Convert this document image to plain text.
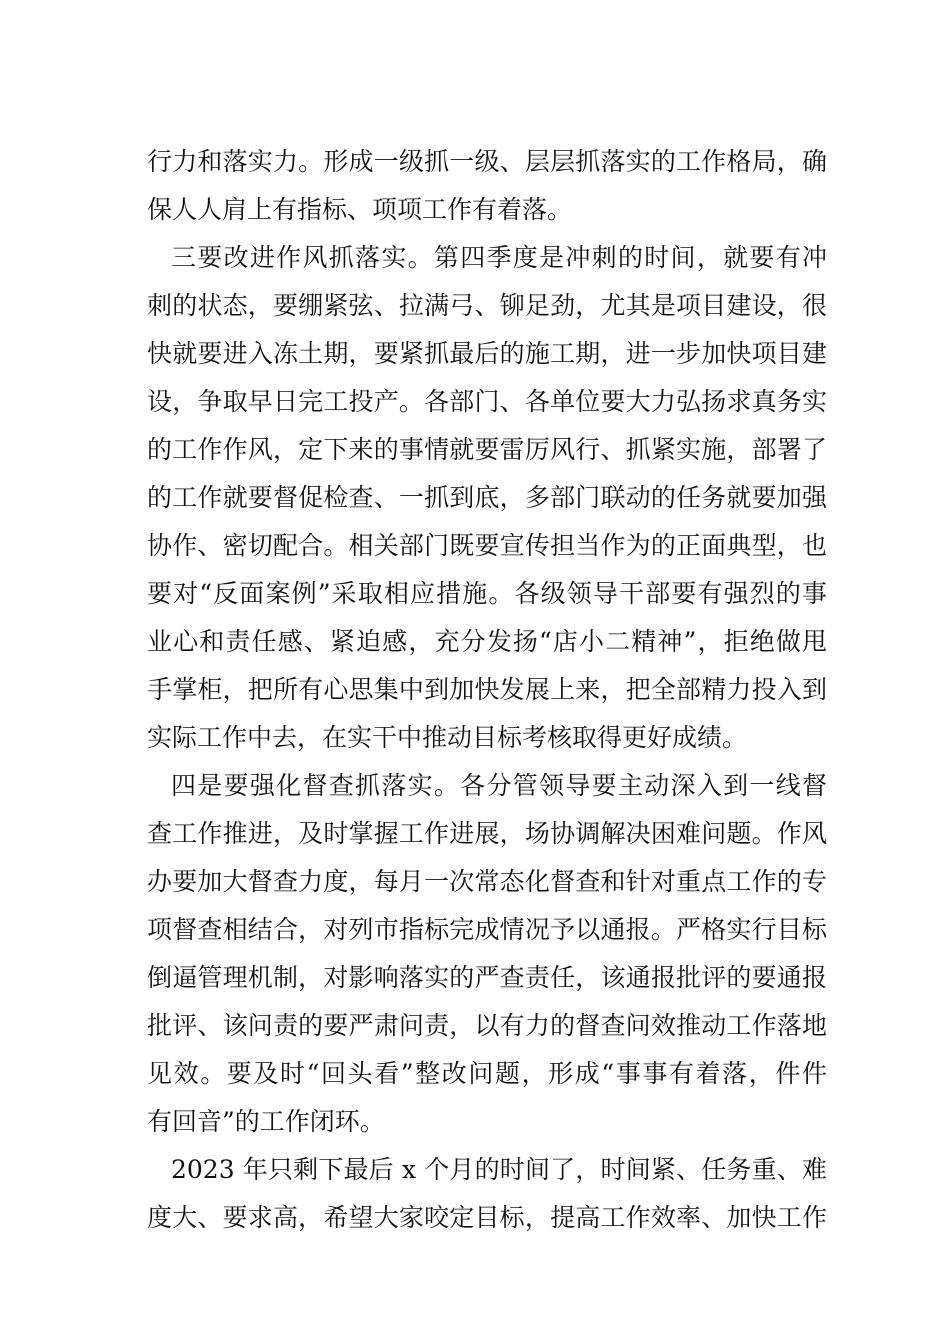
行力和落实力。形成一级抓一级、层层抓落实的工作格局，确
保人人肩上有指标、项项工作有着落。
三要改进作风抓落实。第四季度是冲刺的时间，就要有冲
刺的状态，要绷紧弦、拉满弓、铆足劲，尤其是项目建设，很
快就要进入冻土期，要紧抓最后的施工期，进一步加快项目建
设，争取早日完工投产。各部门、各单位要大力弘扬求真务实
的工作作风，定下来的事情就要雷厉风行、抓紧实施，部署了
的工作就要督促检查、一抓到底，多部门联动的任务就要加强
协作、密切配合。相关部门既要宣传担当作为的正面典型，也
要对“反面案例”采取相应措施。各级领导干部要有强烈的事
业心和责任感、紧迫感，充分发扬“店小二精神”，拒绝做甩
手掌柜，把所有心思集中到加快发展上来，把全部精力投入到
实际工作中去，在实干中推动目标考核取得更好成绩。
四是要强化督查抓落实。各分管领导要主动深入到一线督
查工作推进，及时掌握工作进展，场协调解决困难问题。作风
办要加大督查力度，每月一次常态化督查和针对重点工作的专
项督查相结合，对列市指标完成情况予以通报。严格实行目标
倒逼管理机制，对影响落实的严查责任，该通报批评的要通报
批评、该问责的要严肃问责，以有力的督查问效推动工作落地
见效。要及时“回头看”整改问题，形成“事事有着落，件件
有回音”的工作闭环。
2023 年只剩下最后 x 个月的时间了，时间紧、任务重、难
度大、要求高，希望大家咬定目标，提高工作效率、加快工作
